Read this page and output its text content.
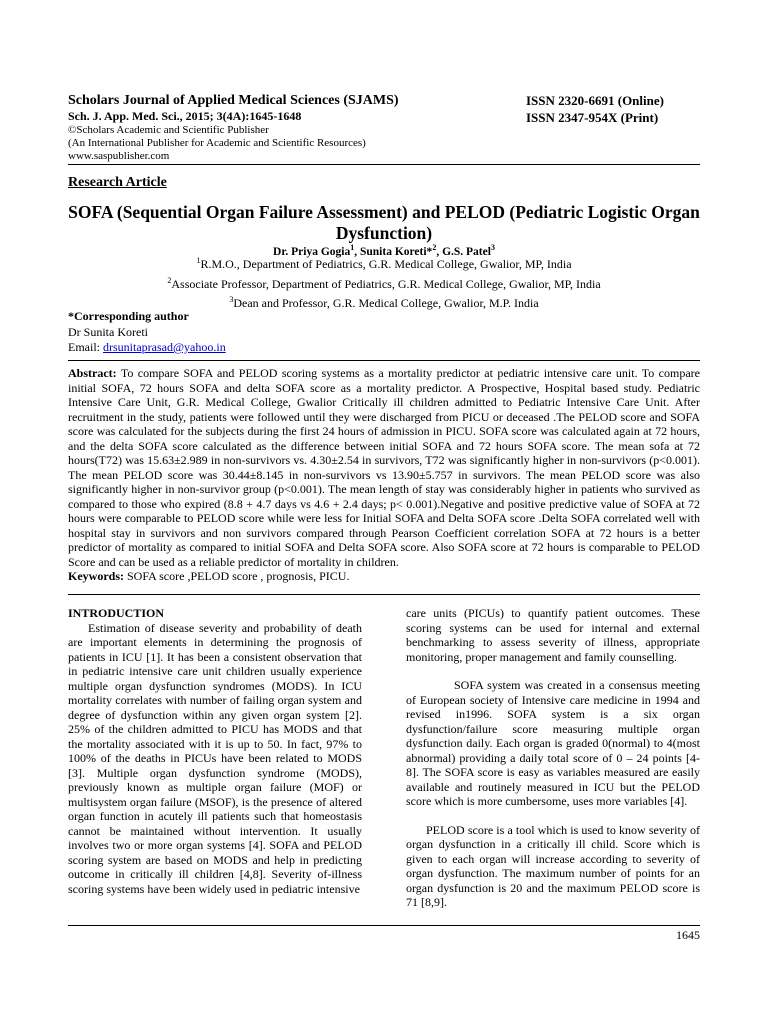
Scholars Journal of Applied Medical Sciences (SJAMS)
Sch. J. App. Med. Sci., 2015; 3(4A):1645-1648
©Scholars Academic and Scientific Publisher
(An International Publisher for Academic and Scientific Resources)
www.saspublisher.com
ISSN 2320-6691 (Online)
ISSN 2347-954X (Print)
Research Article
SOFA (Sequential Organ Failure Assessment) and PELOD (Pediatric Logistic Organ Dysfunction)
Dr. Priya Gogia$^1$, Sunita Koreti*$^2$, G.S. Patel$^3$
$^1$R.M.O., Department of Pediatrics, G.R. Medical College, Gwalior, MP, India
$^2$Associate Professor, Department of Pediatrics, G.R. Medical College, Gwalior, MP, India
$^3$Dean and Professor, G.R. Medical College, Gwalior, M.P. India
*Corresponding author
Dr Sunita Koreti
Email: drsunitaprasad@yahoo.in
Abstract: To compare SOFA and PELOD scoring systems as a mortality predictor at pediatric intensive care unit. To compare initial SOFA, 72 hours SOFA and delta SOFA score as a mortality predictor. A Prospective, Hospital based study. Pediatric Intensive Care Unit, G.R. Medical College, Gwalior Critically ill children admitted to Pediatric Intensive Care Unit. After recruitment in the study, patients were followed until they were discharged from PICU or deceased .The PELOD score and SOFA score was calculated for the subjects during the first 24 hours of admission in PICU. SOFA score was calculated again at 72 hours, and the delta SOFA score calculated as the difference between initial SOFA and 72 hours SOFA score. The mean sofa at 72 hours(T72) was 15.63±2.989 in non-survivors vs. 4.30±2.54 in survivors, T72 was significantly higher in non-survivors (p<0.001). The mean PELOD score was 30.44±8.145 in non-survivors vs 13.90±5.757 in survivors. The mean PELOD score was also significantly higher in non-survivor group (p<0.001). The mean length of stay was considerably higher in patients who survived as compared to those who expired (8.8 + 4.7 days vs 4.6 + 2.4 days; p< 0.001).Negative and positive predictive value of SOFA at 72 hours were comparable to PELOD score while were less for Initial SOFA and Delta SOFA score .Delta SOFA correlated well with hospital stay in survivors and non survivors compared through Pearson Coefficient correlation SOFA at 72 hours is a better predictor of mortality as compared to initial SOFA and Delta SOFA score. Also SOFA score at 72 hours is comparable to PELOD Score and can be used as a reliable predictor of mortality in children.
Keywords: SOFA score ,PELOD score , prognosis, PICU.

INTRODUCTION

Estimation of disease severity and probability of death are important elements in determining the prognosis of patients in ICU [1]. It has been a consistent observation that in pediatric intensive care unit children usually experience multiple organ dysfunction syndromes (MODS). In ICU mortality correlates with number of failing organ system and degree of dysfunction within any given organ system [2]. 25% of the children admitted to PICU has MODS and that the mortality associated with it is up to 50. In fact, 97% to 100% of the deaths in PICUs have been related to MODS [3]. Multiple organ dysfunction syndrome (MODS), previously known as multiple organ failure (MOF) or multisystem organ failure (MSOF), is the presence of altered organ function in acutely ill patients such that homeostasis cannot be maintained without intervention. It usually involves two or more organ systems [4]. SOFA and PELOD scoring system are based on MODS and help in predicting outcome in critically ill children [4,8]. Severity of-illness scoring systems have been widely used in pediatric intensive

care units (PICUs) to quantify patient outcomes. These scoring systems can be used for internal and external benchmarking to assess severity of illness, appropriate monitoring, proper management and family counselling.

SOFA system was created in a consensus meeting of European society of Intensive care medicine in 1994 and revised in1996. SOFA system is a six organ dysfunction/failure score measuring multiple organ dysfunction daily. Each organ is graded 0(normal) to 4(most abnormal) providing a daily total score of 0 – 24 points [4-8]. The SOFA score is easy as variables measured are easily available and routinely measured in ICU but the PELOD score which is more cumbersome, uses more variables [4].

PELOD score is a tool which is used to know severity of organ dysfunction in a critically ill child. Score which is given to each organ will increase according to severity of organ dysfunction. The maximum number of points for an organ dysfunction is 20 and the maximum PELOD score is 71 [8,9].

1645
